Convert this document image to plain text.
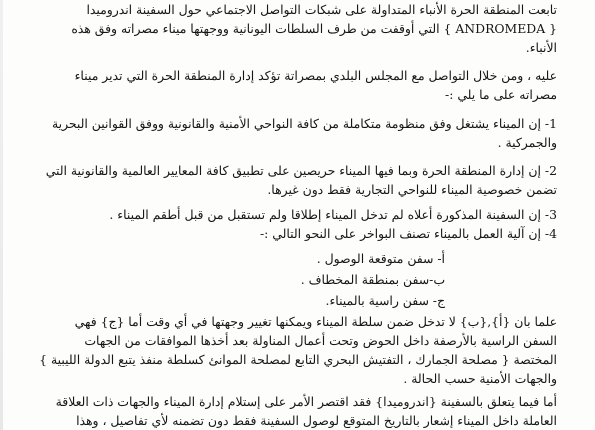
تابعت المنطقة الحرة الأنباء المتداولة على شبكات التواصل الاجتماعي حول السفينة اندروميدا
{ ANDROMEDA } التي أوقفت من طرف السلطات اليونانية ووجهتها ميناء مصراته وفق هذه
الأنباء.
عليه ، ومن خلال التواصل مع المجلس البلدي بمصراتة تؤكد إدارة المنطقة الحرة التي تدير ميناء
مصراته على ما يلي :-
1- إن الميناء يشتغل وفق منظومة متكاملة من كافة النواحي الأمنية والقانونية ووفق القوانين البحرية
والجمركية .
2- إن إدارة المنطقة الحرة وبما فيها الميناء حريصين على تطبيق كافة المعايير العالمية والقانونية التي
تضمن خصوصية الميناء للنواحي التجارية فقط دون غيرها.
3- إن السفينة المذكورة أعلاه لم تدخل الميناء إطلاقا ولم تستقبل من قبل أطقم الميناء .
4- إن آلية العمل بالميناء تصنف البواخر على النحو التالي :-
أ- سفن متوقعة الوصول .
ب-سفن بمنطقة المخطاف .
ج- سفن راسية بالميناء.
علما بان {أ},{ب} لا تدخل ضمن سلطة الميناء ويمكنها تغيير وجهتها في أي وقت أما {ج} فهي
السفن الراسية بالأرصفة داخل الحوض وتحت أعمال المناولة بعد أخذها الموافقات من الجهات
المختصة { مصلحة الجمارك ، التفتيش البحري التابع لمصلحة الموانئ كسلطة منفذ يتبع الدولة الليبية }
والجهات الأمنية حسب الحالة .
أما فيما يتعلق بالسفينة {اندروميدا} فقد اقتصر الأمر على إستلام إدارة الميناء والجهات ذات العلاقة
العاملة داخل الميناء إشعار بالتاريخ المتوقع لوصول السفينة فقط دون تضمنه لأي تفاصيل ، وهذا
